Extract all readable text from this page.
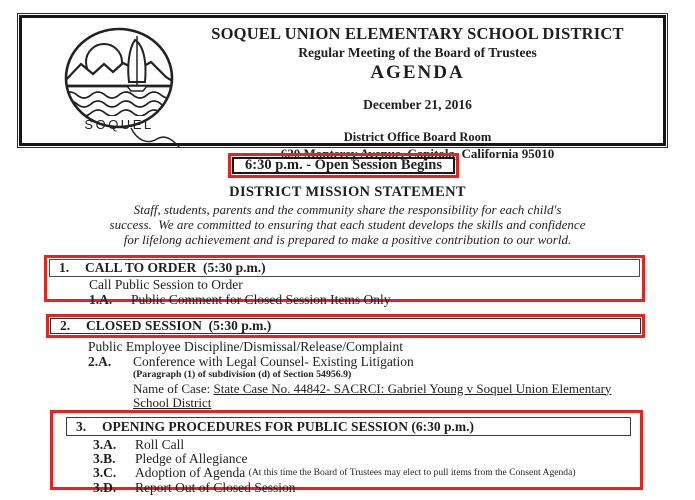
SOQUEL
SOQUEL UNION ELEMENTARY SCHOOL DISTRICT
Regular Meeting of the Board of Trustees
AGENDA
December 21, 2016
District Office Board Room
620 Monterey Avenue, Capitola, California 95010
6:30 p.m. - Open Session Begins
DISTRICT MISSION STATEMENT
Staff, students, parents and the community share the responsibility for each child's
success.  We are committed to ensuring that each student develops the skills and confidence
for lifelong achievement and is prepared to make a positive contribution to our world.
1.	CALL TO ORDER  (5:30 p.m.)
Call Public Session to Order
1.A.	Public Comment for Closed Session Items Only
2.	CLOSED SESSION  (5:30 p.m.)
Public Employee Discipline/Dismissal/Release/Complaint
2.A.	Conference with Legal Counsel- Existing Litigation
(Paragraph (1) of subdivision (d) of Section 54956.9)
Name of Case: State Case No. 44842- SACRCI: Gabriel Young v Soquel Union Elementary
School District
3.	OPENING PROCEDURES FOR PUBLIC SESSION (6:30 p.m.)
3.A.	Roll Call
3.B.	Pledge of Allegiance
3.C.	Adoption of Agenda (At this time the Board of Trustees may elect to pull items from the Consent Agenda)
3.D.	Report Out of Closed Session
